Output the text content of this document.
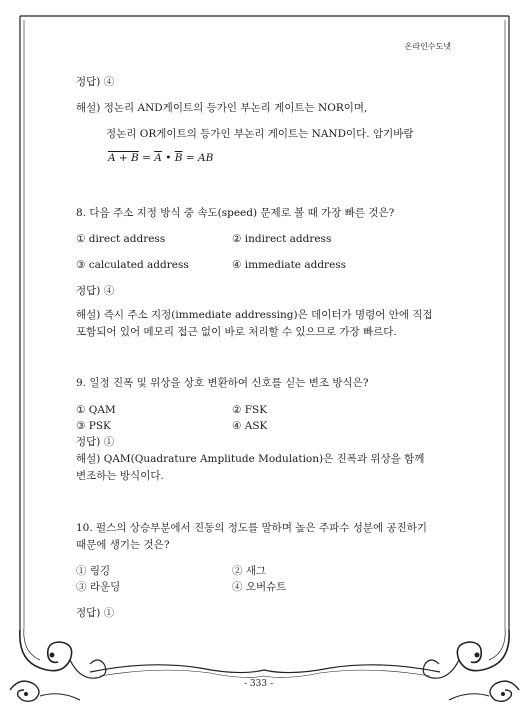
온라인수도넷
정답) ④
해설) 정논리 AND게이트의 등가인 부논리 게이트는 NOR이며,
정논리 OR게이트의 등가인 부논리 게이트는 NAND이다. 암기바람
$A + B = \overline{A}$ • $\overline{B}$ = AB
8. 다음 주소 지정 방식 중 속도(speed) 문제로 볼 때 가장 빠른 것은?
① direct address	② indirect address
③ calculated address	④ immediate address
정답) ④
해설) 즉시 주소 지정(immediate addressing)은 데이터가 명령어 안에 직접
포함되어 있어 메모리 접근 없이 바로 처리할 수 있으므로 가장 빠르다.
9. 일정 진폭 및 위상을 상호 변환하여 신호를 싣는 변조 방식은?
① QAM	② FSK
③ PSK	④ ASK
정답) ①
해설) QAM(Quadrature Amplitude Modulation)은 진폭과 위상을 함께
변조하는 방식이다.
10. 펄스의 상승부분에서 진동의 정도를 말하며 높은 주파수 성분에 공진하기
때문에 생기는 것은?
① 링깅	② 새그
③ 라운딩	④ 오버슈트
정답) ①
- 333 -
